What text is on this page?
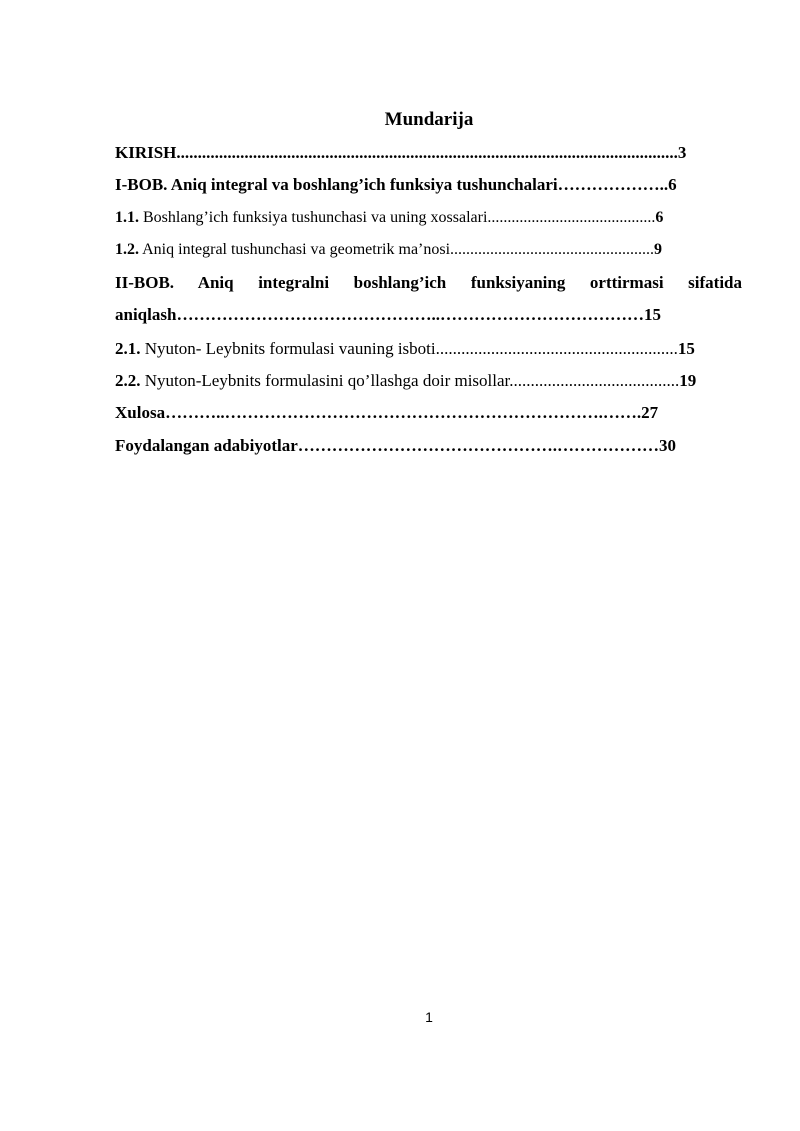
Mundarija
KIRISH......................................................................................................................3
I-BOB. Aniq integral va boshlang’ich funksiya tushunchalari………………..6
1.1. Boshlang’ich funksiya tushunchasi va uning xossalari..........................................6
1.2. Aniq integral tushunchasi va geometrik ma’nosi...................................................9
II-BOB. Aniq integralni boshlang’ich funksiyaning orttirmasi sifatida
aniqlash………………………………………..………………………………15
2.1. Nyuton- Leybnits formulasi vauning isboti.........................................................15
2.2. Nyuton-Leybnits formulasini qo’llashga doir misollar........................................19
Xulosa………..………………………………………………………….…….27
Foydalangan adabiyotlar……………………………………….………………30
1
